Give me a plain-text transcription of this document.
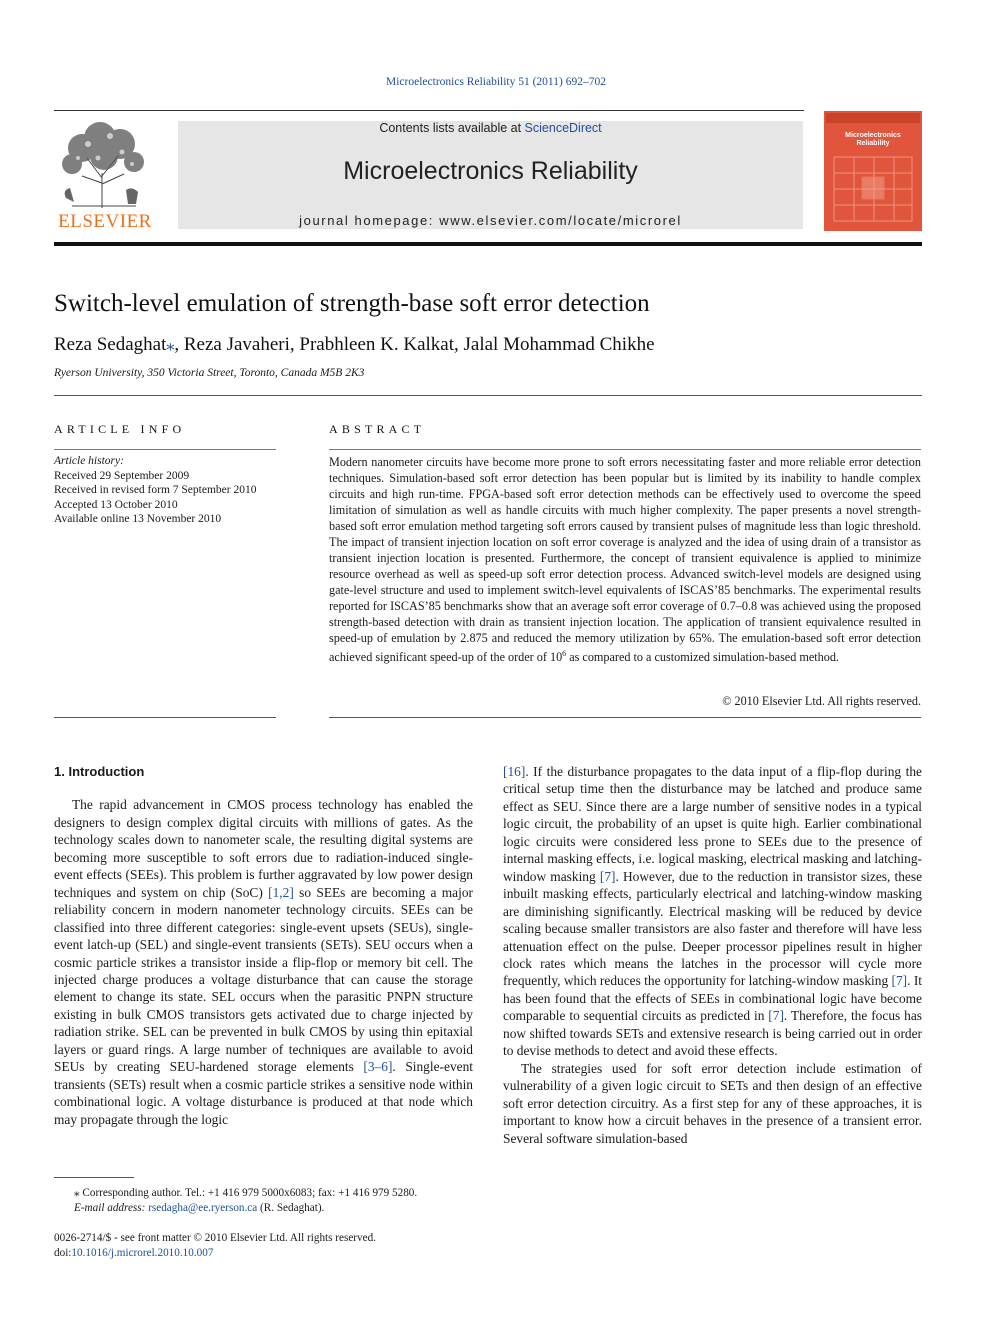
Microelectronics Reliability 51 (2011) 692–702
ELSEVIER
Contents lists available at ScienceDirect
Microelectronics Reliability
journal homepage: www.elsevier.com/locate/microrel
Microelectronics
Reliability
Switch-level emulation of strength-base soft error detection
Reza Sedaghat⁎, Reza Javaheri, Prabhleen K. Kalkat, Jalal Mohammad Chikhe
Ryerson University, 350 Victoria Street, Toronto, Canada M5B 2K3
ARTICLE INFO	ABSTRACT
Article history:
Received 29 September 2009
Received in revised form 7 September 2010
Accepted 13 October 2010
Available online 13 November 2010
Modern nanometer circuits have become more prone to soft errors necessitating faster and more reliable error detection techniques. Simulation-based soft error detection has been popular but is limited by its inability to handle complex circuits and high run-time. FPGA-based soft error detection methods can be effectively used to overcome the speed limitation of simulation as well as handle circuits with much higher complexity. The paper presents a novel strength-based soft error emulation method targeting soft errors caused by transient pulses of magnitude less than logic threshold. The impact of transient injection location on soft error coverage is analyzed and the idea of using drain of a transistor as transient injection location is presented. Furthermore, the concept of transient equivalence is applied to minimize resource overhead as well as speed-up soft error detection process. Advanced switch-level models are designed using gate-level structure and used to implement switch-level equivalents of ISCAS’85 benchmarks. The experimental results reported for ISCAS’85 benchmarks show that an average soft error coverage of 0.7–0.8 was achieved using the proposed strength-based detection with drain as transient injection location. The application of transient equivalence resulted in speed-up of emulation by 2.875 and reduced the memory utilization by 65%. The emulation-based soft error detection achieved significant speed-up of the order of $10^6$ as compared to a customized simulation-based method.
© 2010 Elsevier Ltd. All rights reserved.

1. Introduction

The rapid advancement in CMOS process technology has enabled the designers to design complex digital circuits with millions of gates. As the technology scales down to nanometer scale, the resulting digital systems are becoming more susceptible to soft errors due to radiation-induced single-event effects (SEEs). This problem is further aggravated by low power design techniques and system on chip (SoC) [1,2] so SEEs are becoming a major reliability concern in modern nanometer technology circuits. SEEs can be classified into three different categories: single-event upsets (SEUs), single-event latch-up (SEL) and single-event transients (SETs). SEU occurs when a cosmic particle strikes a transistor inside a flip-flop or memory bit cell. The injected charge produces a voltage disturbance that can cause the storage element to change its state. SEL occurs when the parasitic PNPN structure existing in bulk CMOS transistors gets activated due to charge injected by radiation strike. SEL can be prevented in bulk CMOS by using thin epitaxial layers or guard rings. A large number of techniques are available to avoid SEUs by creating SEU-hardened storage elements [3–6]. Single-event transients (SETs) result when a cosmic particle strikes a sensitive node within combinational logic. A voltage disturbance is produced at that node which may propagate through the logic

[16]. If the disturbance propagates to the data input of a flip-flop during the critical setup time then the disturbance may be latched and produce same effect as SEU. Since there are a large number of sensitive nodes in a typical logic circuit, the probability of an upset is quite high. Earlier combinational logic circuits were considered less prone to SEEs due to the presence of internal masking effects, i.e. logical masking, electrical masking and latching-window masking [7]. However, due to the reduction in transistor sizes, these inbuilt masking effects, particularly electrical and latching-window masking are diminishing significantly. Electrical masking will be reduced by device scaling because smaller transistors are also faster and therefore will have less attenuation effect on the pulse. Deeper processor pipelines result in higher clock rates which means the latches in the processor will cycle more frequently, which reduces the opportunity for latching-window masking [7]. It has been found that the effects of SEEs in combinational logic have become comparable to sequential circuits as predicted in [7]. Therefore, the focus has now shifted towards SETs and extensive research is being carried out in order to devise methods to detect and avoid these effects.

The strategies used for soft error detection include estimation of vulnerability of a given logic circuit to SETs and then design of an effective soft error detection circuitry. As a first step for any of these approaches, it is important to know how a circuit behaves in the presence of a transient error. Several software simulation-based

⁎ Corresponding author. Tel.: +1 416 979 5000x6083; fax: +1 416 979 5280.
E-mail address: rsedagha@ee.ryerson.ca (R. Sedaghat).
0026-2714/$ - see front matter © 2010 Elsevier Ltd. All rights reserved.
doi:10.1016/j.microrel.2010.10.007
